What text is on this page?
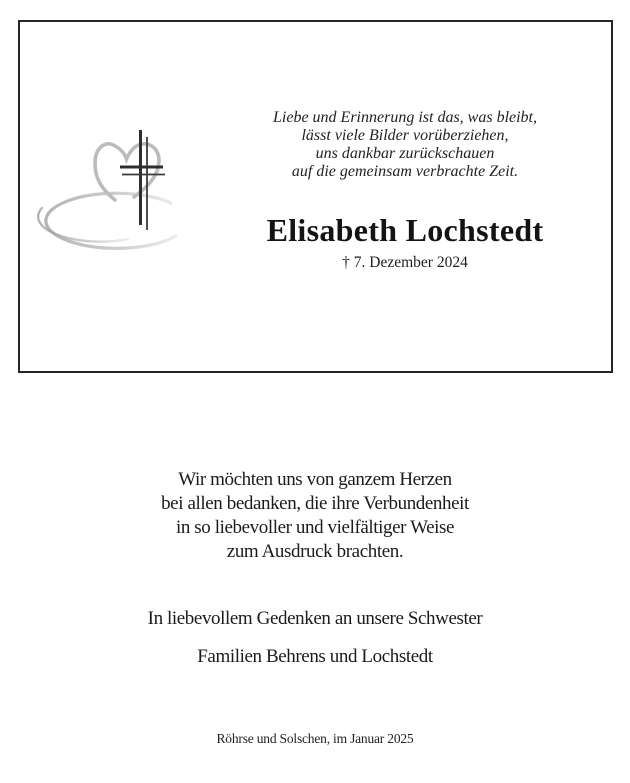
Liebe und Erinnerung ist das, was bleibt,
lässt viele Bilder vorüberziehen,
uns dankbar zurückschauen
auf die gemeinsam verbrachte Zeit.
Elisabeth Lochstedt
† 7. Dezember 2024
Wir möchten uns von ganzem Herzen
bei allen bedanken, die ihre Verbundenheit
in so liebevoller und vielfältiger Weise
zum Ausdruck brachten.
In liebevollem Gedenken an unsere Schwester
Familien Behrens und Lochstedt
Röhrse und Solschen, im Januar 2025
